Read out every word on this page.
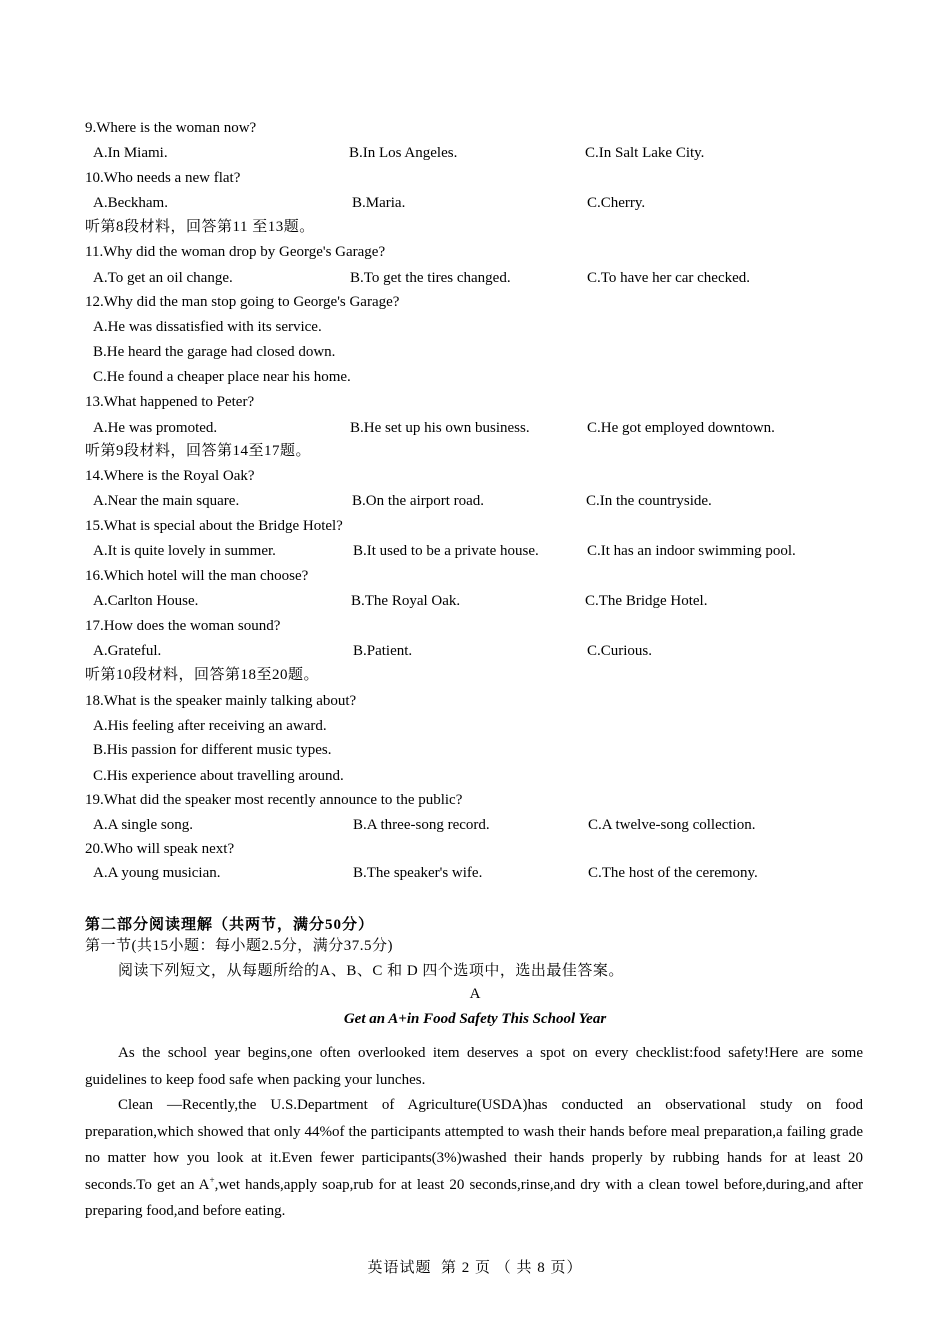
9.Where is the woman now?
A.In Miami.	B.In Los Angeles.	C.In Salt Lake City.
10.Who needs a new flat?
A.Beckham.	B.Maria.	C.Cherry.
听第8段材料，回答第11 至13题。
11.Why did the woman drop by George's Garage?
A.To get an oil change.	B.To get the tires changed.	C.To have her car checked.
12.Why did the man stop going to George's Garage?
A.He was dissatisfied with its service.
B.He heard the garage had closed down.
C.He found a cheaper place near his home.
13.What happened to Peter?
A.He was promoted.	B.He set up his own business.	C.He got employed downtown.
听第9段材料，回答第14至17题。
14.Where is the Royal Oak?
A.Near the main square.	B.On the airport road.	C.In the countryside.
15.What is special about the Bridge Hotel?
A.It is quite lovely in summer.	B.It used to be a private house.	C.It has an indoor swimming pool.
16.Which hotel will the man choose?
A.Carlton House.	B.The Royal Oak.	C.The Bridge Hotel.
17.How does the woman sound?
A.Grateful.	B.Patient.	C.Curious.
听第10段材料，回答第18至20题。
18.What is the speaker mainly talking about?
A.His feeling after receiving an award.
B.His passion for different music types.
C.His experience about travelling around.
19.What did the speaker most recently announce to the public?
A.A single song.	B.A three-song record.	C.A twelve-song collection.
20.Who will speak next?
A.A young musician.	B.The speaker's wife.	C.The host of the ceremony.
第二部分阅读理解（共两节，满分50分）
第一节(共15小题：每小题2.5分，满分37.5分)
阅读下列短文，从每题所给的A、B、C 和 D 四个选项中，选出最佳答案。
A
Get an A+in Food Safety This School Year
As the school year begins,one often overlooked item deserves a spot on every checklist:food safety!Here are some guidelines to keep food safe when packing your lunches.
Clean —Recently,the U.S.Department of Agriculture(USDA)has conducted an observational study on food preparation,which showed that only 44%of the participants attempted to wash their hands before meal preparation,a failing grade no matter how you look at it.Even fewer participants(3%)washed their hands properly by rubbing hands for at least 20 seconds.To get an A+,wet hands,apply soap,rub for at least 20 seconds,rinse,and dry with a clean towel before,during,and after preparing food,and before eating.
英语试题  第 2 页 （ 共 8 页）
